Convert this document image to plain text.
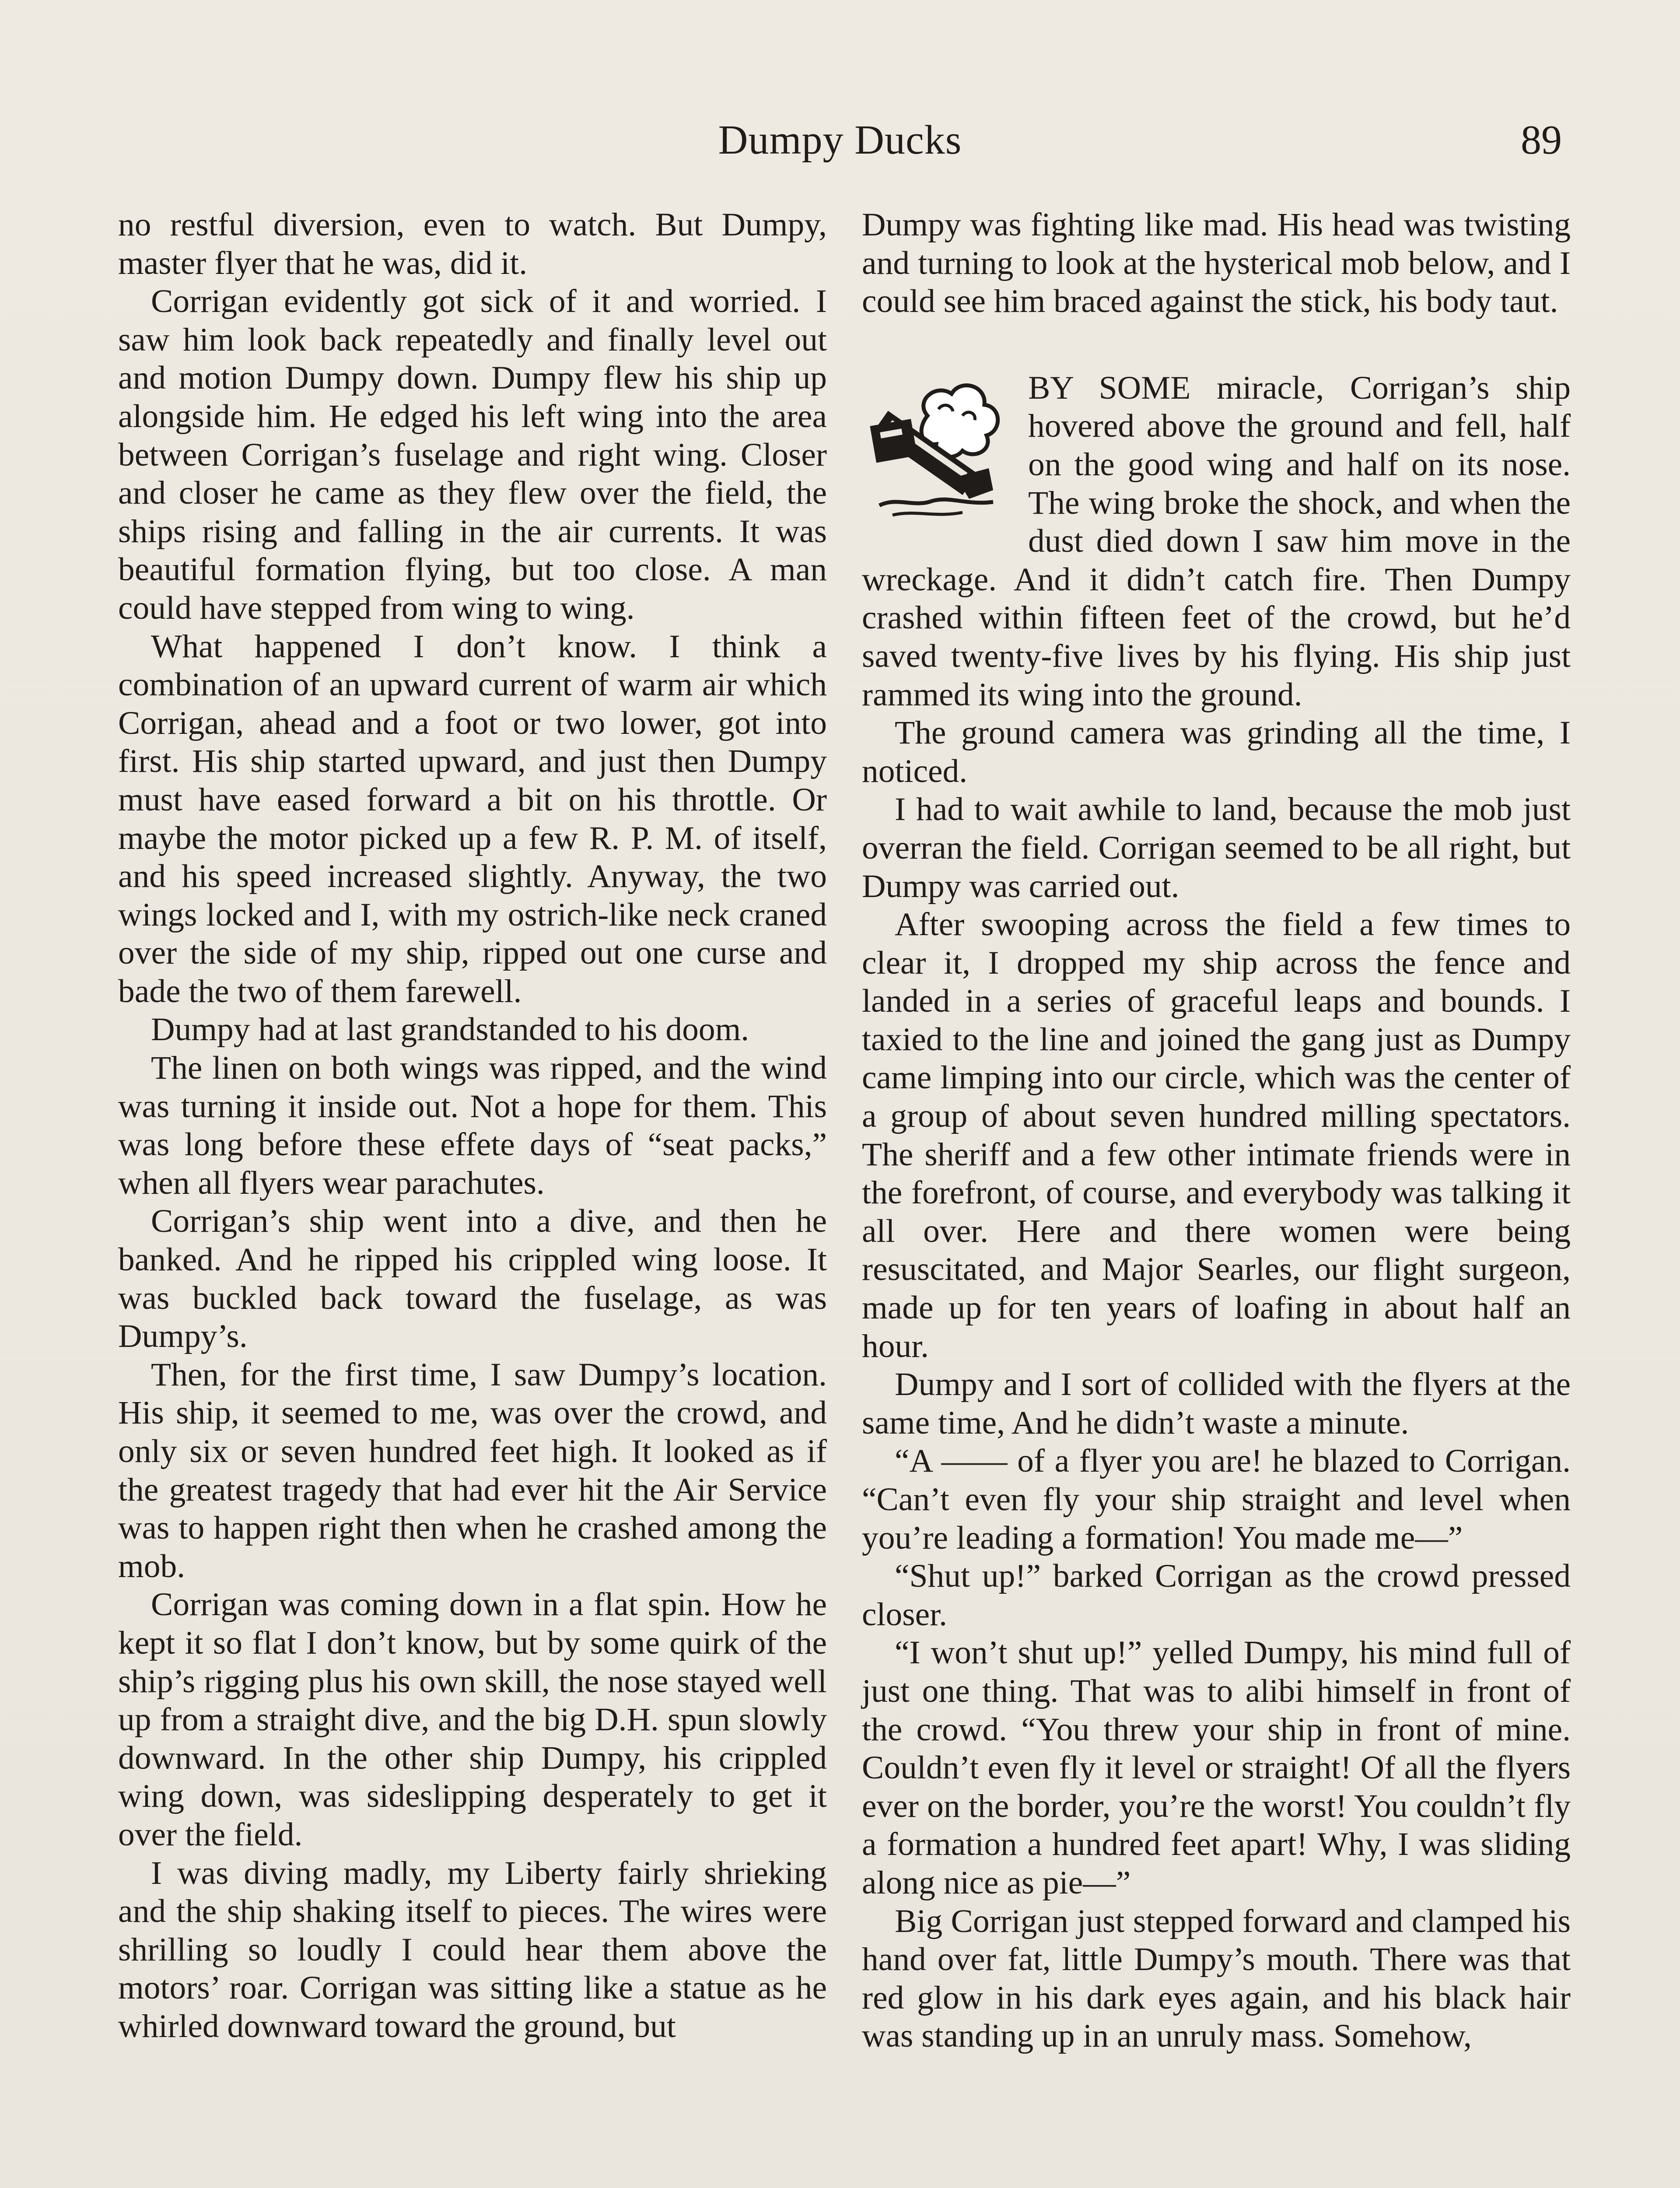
Dumpy Ducks	89

no restful diversion, even to watch. But Dumpy, master flyer that he was, did it.

Corrigan evidently got sick of it and worried. I saw him look back repeatedly and finally level out and motion Dumpy down. Dumpy flew his ship up alongside him. He edged his left wing into the area between Corrigan’s fuselage and right wing. Closer and closer he came as they flew over the field, the ships rising and falling in the air currents. It was beautiful formation flying, but too close. A man could have stepped from wing to wing.

What happened I don’t know. I think a combination of an upward current of warm air which Corrigan, ahead and a foot or two lower, got into first. His ship started upward, and just then Dumpy must have eased forward a bit on his throttle. Or maybe the motor picked up a few R. P. M. of itself, and his speed increased slightly. Anyway, the two wings locked and I, with my ostrich-like neck craned over the side of my ship, ripped out one curse and bade the two of them farewell.

Dumpy had at last grandstanded to his doom.

The linen on both wings was ripped, and the wind was turning it inside out. Not a hope for them. This was long before these effete days of “seat packs,” when all flyers wear parachutes.

Corrigan’s ship went into a dive, and then he banked. And he ripped his crippled wing loose. It was buckled back toward the fuselage, as was Dumpy’s.

Then, for the first time, I saw Dumpy’s location. His ship, it seemed to me, was over the crowd, and only six or seven hundred feet high. It looked as if the greatest tragedy that had ever hit the Air Service was to happen right then when he crashed among the mob.

Corrigan was coming down in a flat spin. How he kept it so flat I don’t know, but by some quirk of the ship’s rigging plus his own skill, the nose stayed well up from a straight dive, and the big D.H. spun slowly downward. In the other ship Dumpy, his crippled wing down, was sideslipping desperately to get it over the field.

I was diving madly, my Liberty fairly shrieking and the ship shaking itself to pieces. The wires were shrilling so loudly I could hear them above the motors’ roar. Corrigan was sitting like a statue as he whirled downward toward the ground, but

Dumpy was fighting like mad. His head was twisting and turning to look at the hysterical mob below, and I could see him braced against the stick, his body taut.

BY SOME miracle, Corrigan’s ship hovered above the ground and fell, half on the good wing and half on its nose. The wing broke the shock, and when the dust died down I saw him move in the wreckage. And it didn’t catch fire. Then Dumpy crashed within fifteen feet of the crowd, but he’d saved twenty-five lives by his flying. His ship just rammed its wing into the ground.

The ground camera was grinding all the time, I noticed.

I had to wait awhile to land, because the mob just overran the field. Corrigan seemed to be all right, but Dumpy was carried out.

After swooping across the field a few times to clear it, I dropped my ship across the fence and landed in a series of graceful leaps and bounds. I taxied to the line and joined the gang just as Dumpy came limping into our circle, which was the center of a group of about seven hundred milling spectators. The sheriff and a few other intimate friends were in the forefront, of course, and everybody was talking it all over. Here and there women were being resuscitated, and Major Searles, our flight surgeon, made up for ten years of loafing in about half an hour.

Dumpy and I sort of collided with the flyers at the same time, And he didn’t waste a minute.

“A —— of a flyer you are! he blazed to Corrigan. “Can’t even fly your ship straight and level when you’re leading a formation! You made me—”

“Shut up!” barked Corrigan as the crowd pressed closer.

“I won’t shut up!” yelled Dumpy, his mind full of just one thing. That was to alibi himself in front of the crowd. “You threw your ship in front of mine. Couldn’t even fly it level or straight! Of all the flyers ever on the border, you’re the worst! You couldn’t fly a formation a hundred feet apart! Why, I was sliding along nice as pie—”

Big Corrigan just stepped forward and clamped his hand over fat, little Dumpy’s mouth. There was that red glow in his dark eyes again, and his black hair was standing up in an unruly mass. Somehow,
